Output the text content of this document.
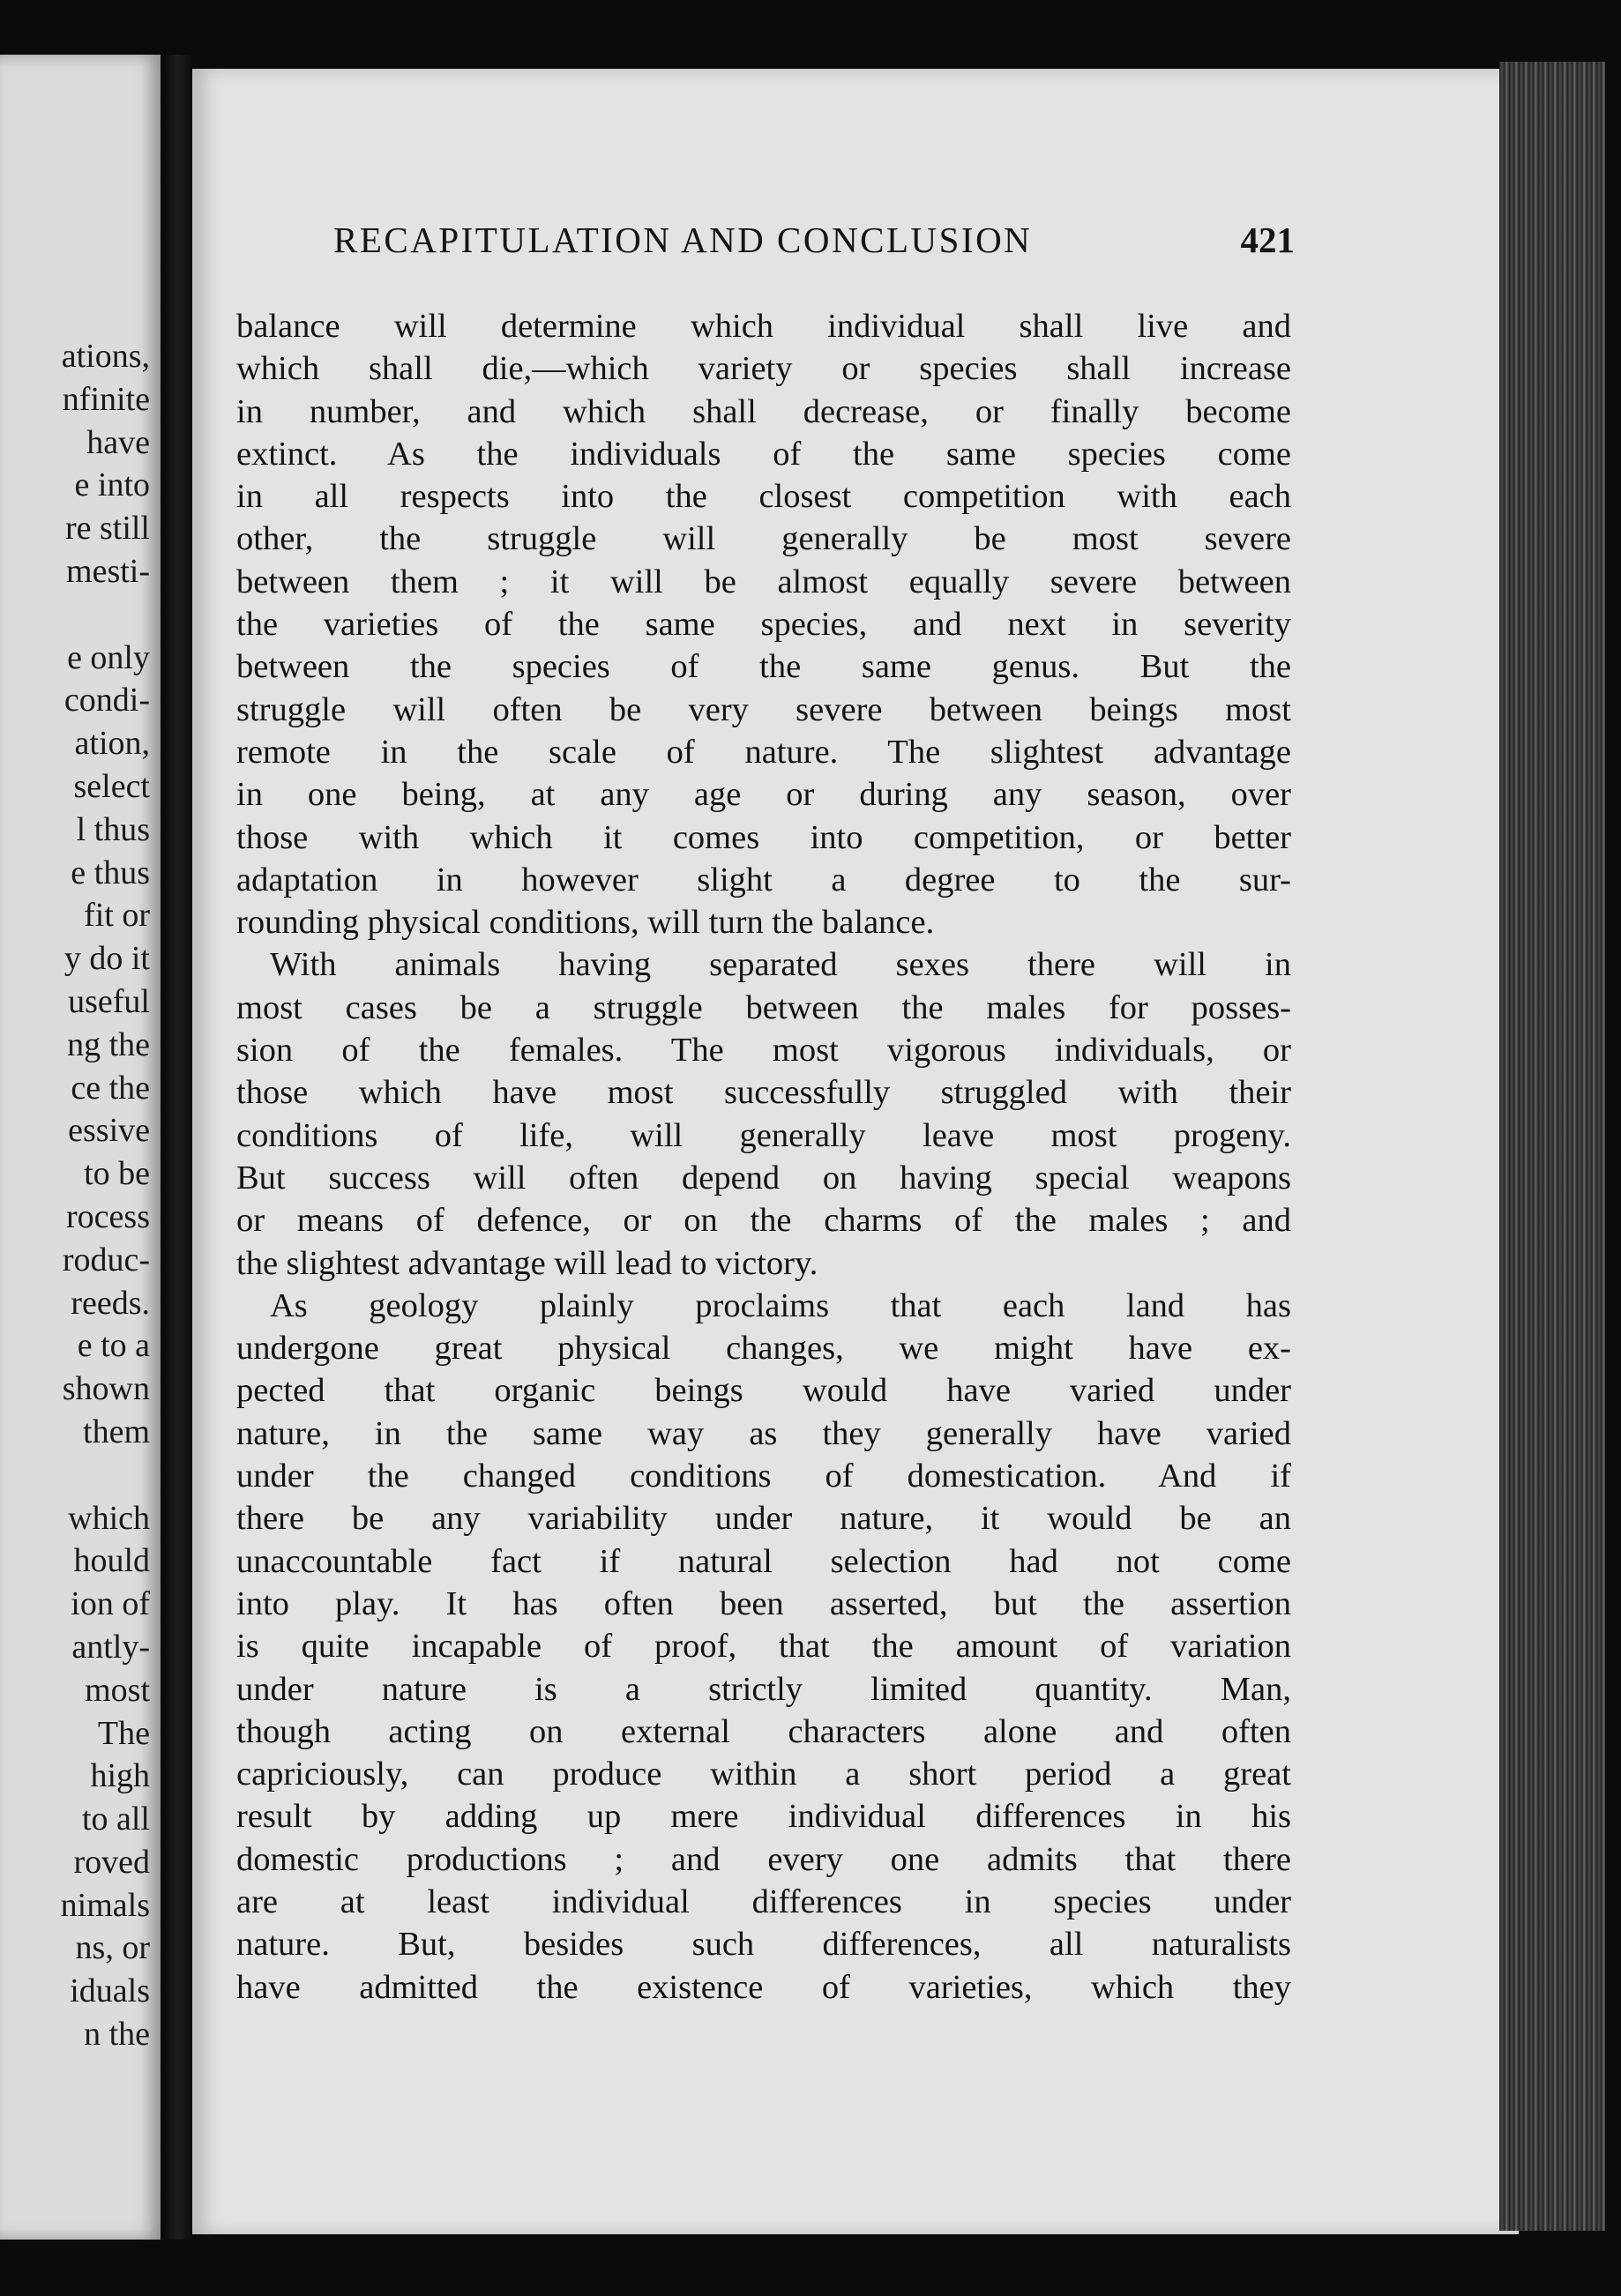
ations,
nfinite
have
e into
re still
mesti-
e only
condi-
ation,
select
l thus
e thus
fit or
y do it
useful
ng the
ce the
essive
to be
rocess
roduc-
reeds.
e to a
shown
them
which
hould
ion of
antly-
most
The
high
to all
roved
nimals
ns, or
iduals
n the
RECAPITULATION AND CONCLUSION	421
balance will determine which individual shall live and
which shall die,—which variety or species shall increase
in number, and which shall decrease, or finally become
extinct. As the individuals of the same species come
in all respects into the closest competition with each
other, the struggle will generally be most severe
between them ; it will be almost equally severe between
the varieties of the same species, and next in severity
between the species of the same genus. But the
struggle will often be very severe between beings most
remote in the scale of nature. The slightest advantage
in one being, at any age or during any season, over
those with which it comes into competition, or better
adaptation in however slight a degree to the sur-
rounding physical conditions, will turn the balance.
With animals having separated sexes there will in
most cases be a struggle between the males for posses-
sion of the females. The most vigorous individuals, or
those which have most successfully struggled with their
conditions of life, will generally leave most progeny.
But success will often depend on having special weapons
or means of defence, or on the charms of the males ; and
the slightest advantage will lead to victory.
As geology plainly proclaims that each land has
undergone great physical changes, we might have ex-
pected that organic beings would have varied under
nature, in the same way as they generally have varied
under the changed conditions of domestication. And if
there be any variability under nature, it would be an
unaccountable fact if natural selection had not come
into play. It has often been asserted, but the assertion
is quite incapable of proof, that the amount of variation
under nature is a strictly limited quantity. Man,
though acting on external characters alone and often
capriciously, can produce within a short period a great
result by adding up mere individual differences in his
domestic productions ; and every one admits that there
are at least individual differences in species under
nature. But, besides such differences, all naturalists
have admitted the existence of varieties, which they
